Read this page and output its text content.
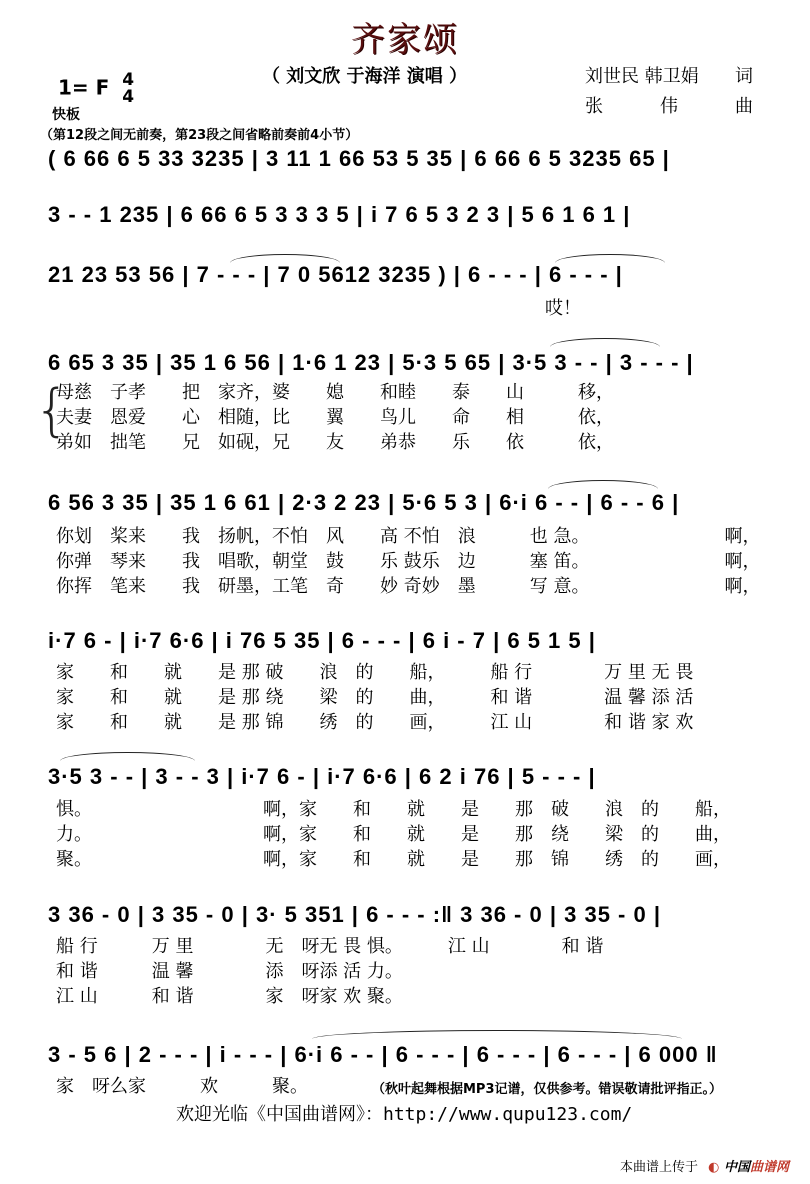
齐家颂
（ 刘文欣 于海洋 演唱 ）	刘世民 韩卫娟 词
张	伟	曲
1= F 4
4
快板
（第12段之间无前奏，第23段之间省略前奏前4小节）
( 6 66 6 5 33 3235 | 3 11 1 66 53 5 35 | 6 66 6 5 3235 65 |
3 - - 1 235 | 6 66 6 5 3 3 3 5 | i 7 6 5 3 2 3 | 5 6 1 6 1 |
21 23 53 56 | 7 - - - | 7 0 5612 3235 ) | 6 - - - | 6 - - - |
哎！
6 65 3 35 | 35 1 6 56 | 1·6 1 23 | 5·3 5 65 | 3·5 3 - - | 3 - - - |
{
母慈　子孝　　把　家齐，婆　　媳　　和睦　　泰　　山　　　移，
夫妻　恩爱　　心　相随，比　　翼　　鸟儿　　命　　相　　　依，
弟如　拙笔　　兄　如砚，兄　　友　　弟恭　　乐　　依　　　依，
6 56 3 35 | 35 1 6 61 | 2·3 2 23 | 5·6 5 3 | 6·i 6 - - | 6 - - 6 |
你划　桨来　　我　扬帆，不怕　风　　高 不怕　浪　　　也 急。　　　　　　　　啊，
你弹　琴来　　我　唱歌，朝堂　鼓　　乐 鼓乐　边　　　塞 笛。　　　　　　　　啊，
你挥　笔来　　我　研墨，工笔　奇　　妙 奇妙　墨　　　写 意。　　　　　　　　啊，
i·7 6 - | i·7 6·6 | i 76 5 35 | 6 - - - | 6 i - 7 | 6 5 1 5 |
家　　和　　就　　是 那 破　　浪　的　　船，　　　船 行　　　　万 里 无 畏
家　　和　　就　　是 那 绕　　梁　的　　曲，　　　和 谐　　　　温 馨 添 活
家　　和　　就　　是 那 锦　　绣　的　　画，　　　江 山　　　　和 谐 家 欢
3·5 3 - - | 3 - - 3 | i·7 6 - | i·7 6·6 | 6 2 i 76 | 5 - - - |
惧。　　　　　　　　　　啊，家　　和　　就　　是　　那　破　　浪　的　　船，
力。　　　　　　　　　　啊，家　　和　　就　　是　　那　绕　　梁　的　　曲，
聚。　　　　　　　　　　啊，家　　和　　就　　是　　那　锦　　绣　的　　画，
3 36 - 0 | 3 35 - 0 | 3· 5 351 | 6 - - - :‖ 3 36 - 0 | 3 35 - 0 |
船 行　　　万 里　　　　无　呀无 畏 惧。　　　江 山　　　　和 谐
和 谐　　　温 馨　　　　添　呀添 活 力。
江 山　　　和 谐　　　　家　呀家 欢 聚。
3 - 5 6 | 2 - - - | i - - - | 6·i 6 - - | 6 - - - | 6 - - - | 6 - - - | 6 000 ‖
家　呀么家　　　欢　　　聚。	（秋叶起舞根据MP3记谱，仅供参考。错误敬请批评指正。）
欢迎光临《中国曲谱网》：http://www.qupu123.com/
本曲谱上传于 ◐ 中国曲谱网
